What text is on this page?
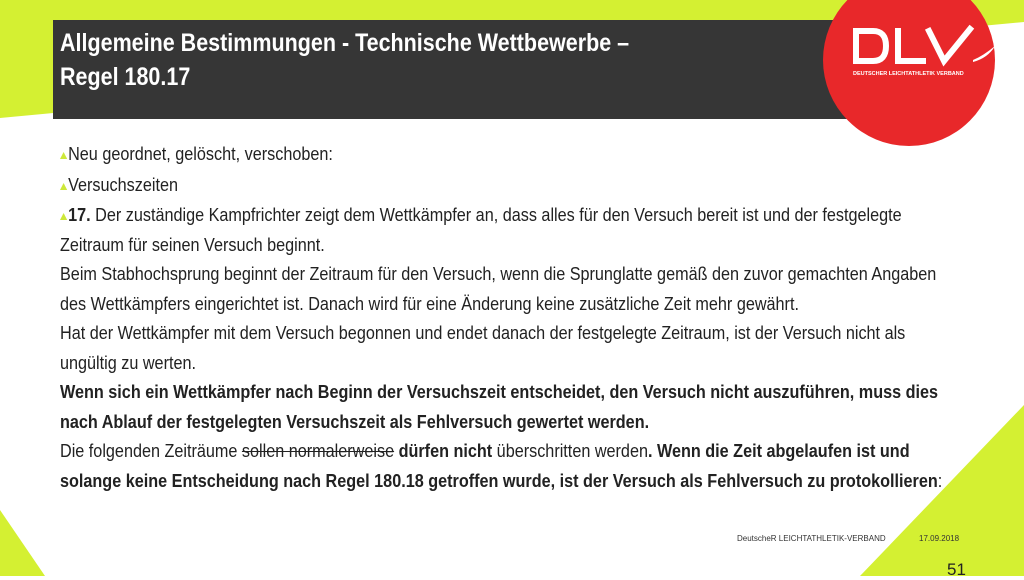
Allgemeine Bestimmungen - Technische Wettbewerbe –
Regel 180.17	DEUTSCHER LEICHTATHLETIK VERBAND

Neu geordnet, gelöscht, verschoben:

Versuchszeiten

17. Der zuständige Kampfrichter zeigt dem Wettkämpfer an, dass alles für den Versuch bereit ist und der festgelegte Zeitraum für seinen Versuch beginnt.

Beim Stabhochsprung beginnt der Zeitraum für den Versuch, wenn die Sprunglatte gemäß den zuvor gemachten Angaben des Wettkämpfers eingerichtet ist. Danach wird für eine Änderung keine zusätzliche Zeit mehr gewährt.

Hat der Wettkämpfer mit dem Versuch begonnen und endet danach der festgelegte Zeitraum, ist der Versuch nicht als ungültig zu werten.

Wenn sich ein Wettkämpfer nach Beginn der Versuchszeit entscheidet, den Versuch nicht auszuführen, muss dies nach Ablauf der festgelegten Versuchszeit als Fehlversuch gewertet werden.

Die folgenden Zeiträume sollen normalerweise dürfen nicht überschritten werden. Wenn die Zeit abgelaufen ist und solange keine Entscheidung nach Regel 180.18 getroffen wurde, ist der Versuch als Fehlversuch zu protokollieren:

DeutscheR LEICHTATHLETIK-VERBAND	17.09.2018
51
